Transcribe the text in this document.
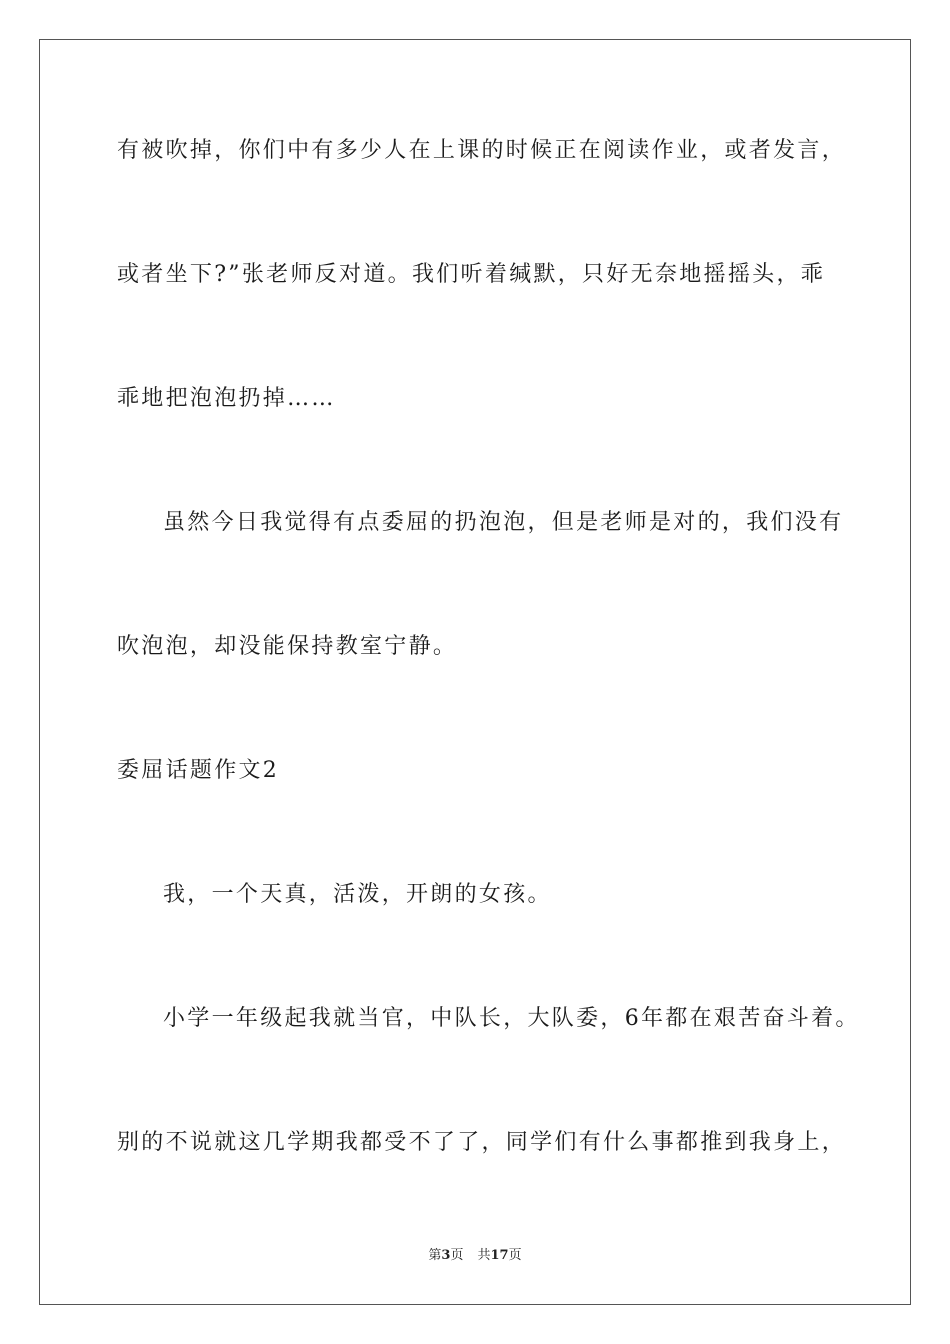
有被吹掉，你们中有多少人在上课的时候正在阅读作业，或者发言，
或者坐下?”张老师反对道。我们听着缄默，只好无奈地摇摇头，乖
乖地把泡泡扔掉……
虽然今日我觉得有点委屈的扔泡泡，但是老师是对的，我们没有
吹泡泡，却没能保持教室宁静。
委屈话题作文2
我，一个天真，活泼，开朗的女孩。
小学一年级起我就当官，中队长，大队委，6年都在艰苦奋斗着。
别的不说就这几学期我都受不了了，同学们有什么事都推到我身上，
第3页 共17页
